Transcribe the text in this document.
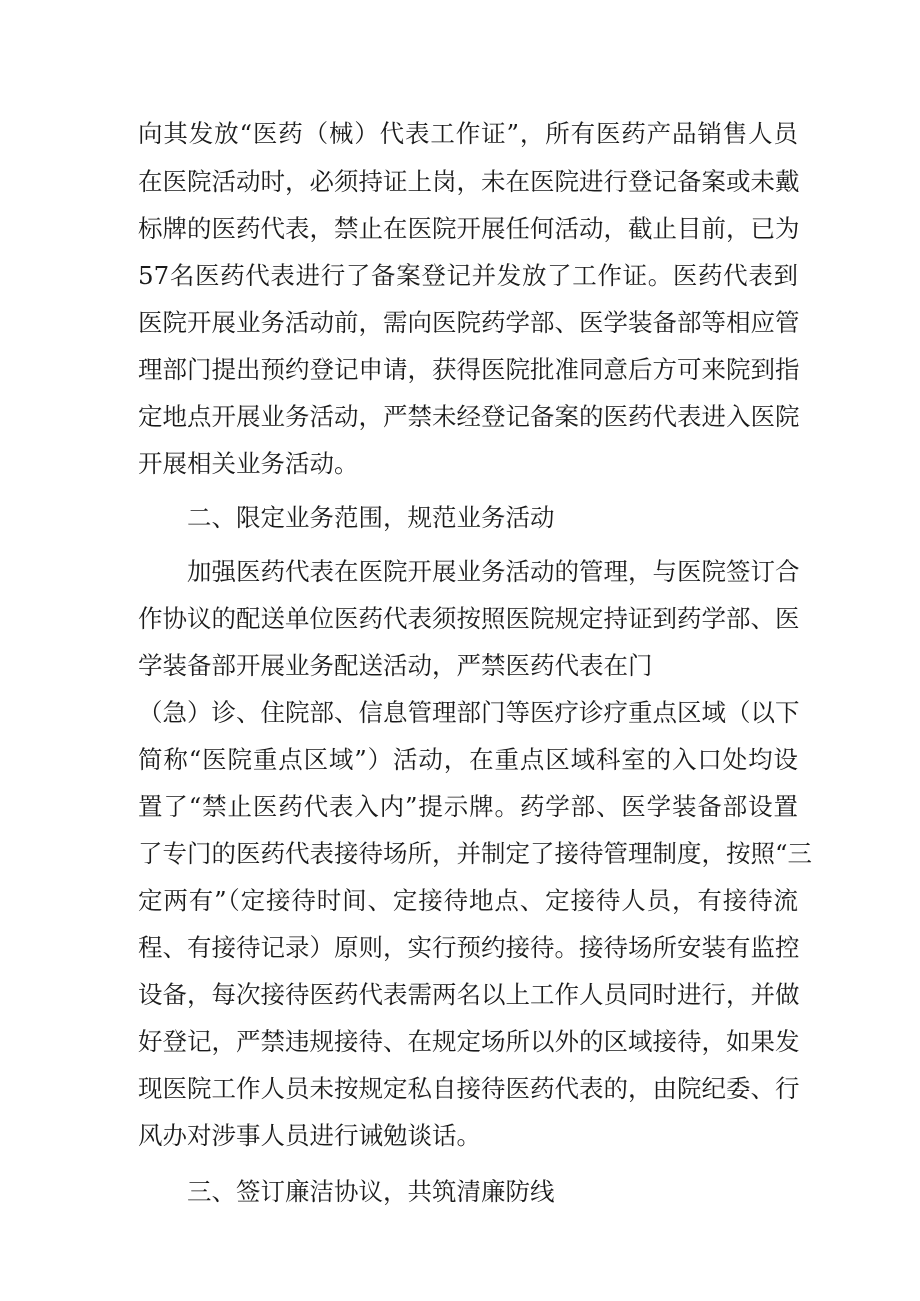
向其发放“医药（械）代表工作证”，所有医药产品销售人员
在医院活动时，必须持证上岗，未在医院进行登记备案或未戴
标牌的医药代表，禁止在医院开展任何活动，截止目前，已为
57名医药代表进行了备案登记并发放了工作证。医药代表到
医院开展业务活动前，需向医院药学部、医学装备部等相应管
理部门提出预约登记申请，获得医院批准同意后方可来院到指
定地点开展业务活动，严禁未经登记备案的医药代表进入医院
开展相关业务活动。
二、限定业务范围，规范业务活动
加强医药代表在医院开展业务活动的管理，与医院签订合
作协议的配送单位医药代表须按照医院规定持证到药学部、医
学装备部开展业务配送活动，严禁医药代表在门
（急）诊、住院部、信息管理部门等医疗诊疗重点区域（以下
简称“医院重点区域”）活动，在重点区域科室的入口处均设
置了“禁止医药代表入内”提示牌。药学部、医学装备部设置
了专门的医药代表接待场所，并制定了接待管理制度，按照“三
定两有”（定接待时间、定接待地点、定接待人员，有接待流
程、有接待记录）原则，实行预约接待。接待场所安装有监控
设备，每次接待医药代表需两名以上工作人员同时进行，并做
好登记，严禁违规接待、在规定场所以外的区域接待，如果发
现医院工作人员未按规定私自接待医药代表的，由院纪委、行
风办对涉事人员进行诫勉谈话。
三、签订廉洁协议，共筑清廉防线
